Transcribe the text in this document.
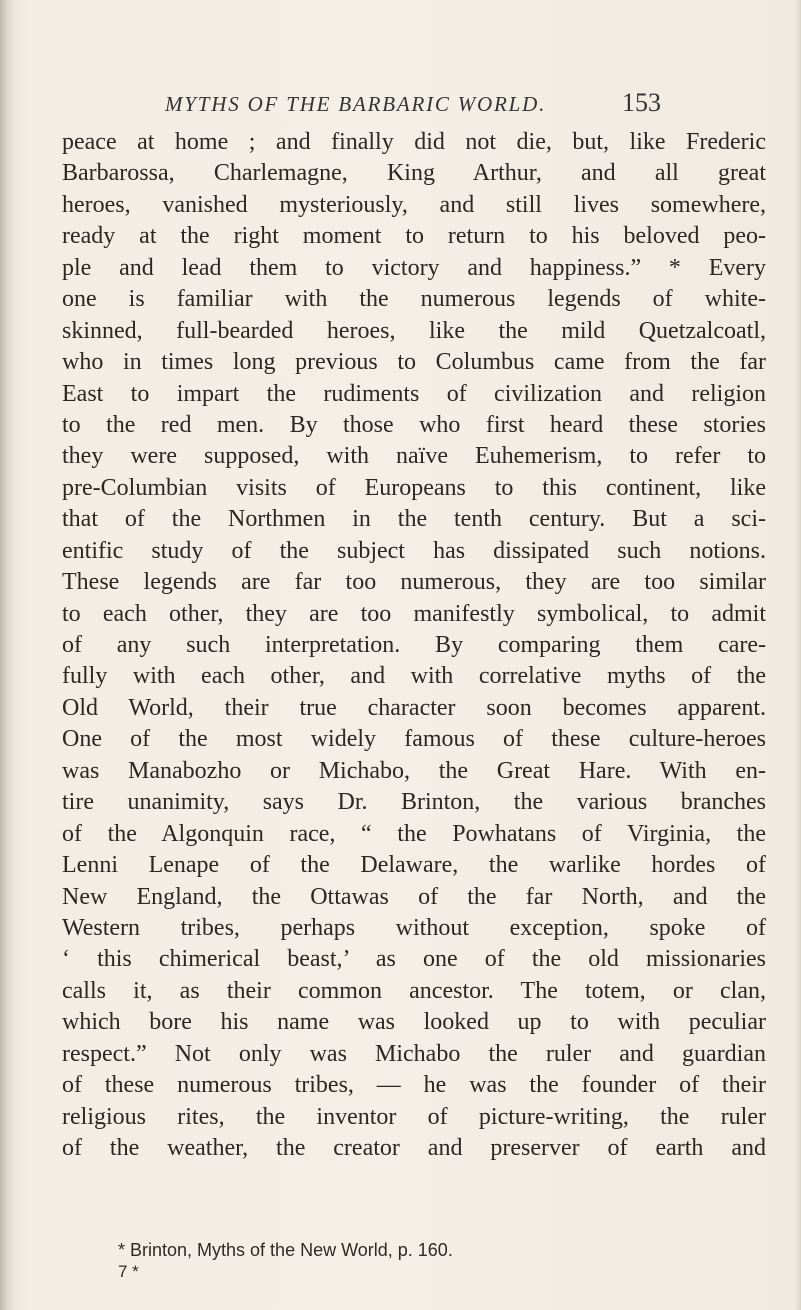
MYTHS OF THE BARBARIC WORLD.	153
peace at home ; and finally did not die, but, like Frederic
Barbarossa, Charlemagne, King Arthur, and all great
heroes, vanished mysteriously, and still lives somewhere,
ready at the right moment to return to his beloved peo-
ple and lead them to victory and happiness.” * Every
one is familiar with the numerous legends of white-
skinned, full-bearded heroes, like the mild Quetzalcoatl,
who in times long previous to Columbus came from the far
East to impart the rudiments of civilization and religion
to the red men. By those who first heard these stories
they were supposed, with naïve Euhemerism, to refer to
pre-Columbian visits of Europeans to this continent, like
that of the Northmen in the tenth century. But a sci-
entific study of the subject has dissipated such notions.
These legends are far too numerous, they are too similar
to each other, they are too manifestly symbolical, to admit
of any such interpretation. By comparing them care-
fully with each other, and with correlative myths of the
Old World, their true character soon becomes apparent.
One of the most widely famous of these culture-heroes
was Manabozho or Michabo, the Great Hare. With en-
tire unanimity, says Dr. Brinton, the various branches
of the Algonquin race, “ the Powhatans of Virginia, the
Lenni Lenape of the Delaware, the warlike hordes of
New England, the Ottawas of the far North, and the
Western tribes, perhaps without exception, spoke of
‘ this chimerical beast,’ as one of the old missionaries
calls it, as their common ancestor. The totem, or clan,
which bore his name was looked up to with peculiar
respect.” Not only was Michabo the ruler and guardian
of these numerous tribes, — he was the founder of their
religious rites, the inventor of picture-writing, the ruler
of the weather, the creator and preserver of earth and
* Brinton, Myths of the New World, p. 160.
7 *
